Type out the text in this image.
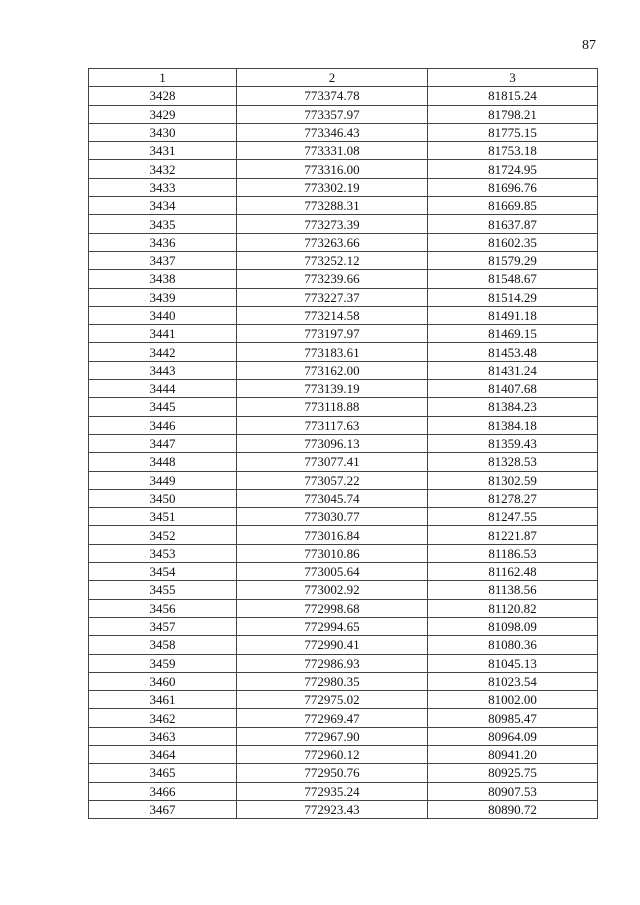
87
1	2	3
3428	773374.78	81815.24
3429	773357.97	81798.21
3430	773346.43	81775.15
3431	773331.08	81753.18
3432	773316.00	81724.95
3433	773302.19	81696.76
3434	773288.31	81669.85
3435	773273.39	81637.87
3436	773263.66	81602.35
3437	773252.12	81579.29
3438	773239.66	81548.67
3439	773227.37	81514.29
3440	773214.58	81491.18
3441	773197.97	81469.15
3442	773183.61	81453.48
3443	773162.00	81431.24
3444	773139.19	81407.68
3445	773118.88	81384.23
3446	773117.63	81384.18
3447	773096.13	81359.43
3448	773077.41	81328.53
3449	773057.22	81302.59
3450	773045.74	81278.27
3451	773030.77	81247.55
3452	773016.84	81221.87
3453	773010.86	81186.53
3454	773005.64	81162.48
3455	773002.92	81138.56
3456	772998.68	81120.82
3457	772994.65	81098.09
3458	772990.41	81080.36
3459	772986.93	81045.13
3460	772980.35	81023.54
3461	772975.02	81002.00
3462	772969.47	80985.47
3463	772967.90	80964.09
3464	772960.12	80941.20
3465	772950.76	80925.75
3466	772935.24	80907.53
3467	772923.43	80890.72
